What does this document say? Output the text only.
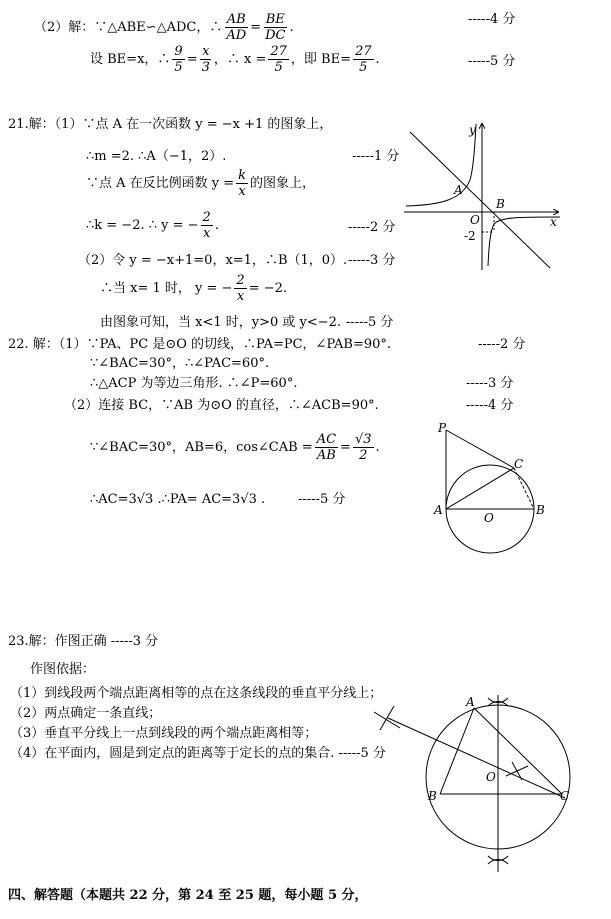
（2）解：∵△ABE∽△ADC，∴ $\frac{AB}{AD} = \frac{BE}{DC}$ .
-----4 分
设 BE=x，∴ $\frac{9}{5} = \frac{x}{3}$ ，∴ $x = \frac{27}{5}$ ，即 $BE= \frac{27}{5}$ .	-----5 分
21.解：（1）∵点 A 在一次函数 y = −x +1 的图象上，
∴m =2. ∴A（−1，2）.	-----1 分
∵点 A 在反比例函数 $y = \frac{k}{x}$ 的图象上，
∴k = −2. ∴ y = − $\frac{2}{x}$ .	-----2 分
（2）令 y = −x+1=0，x=1，∴B（1，0）. -----3 分
∴当 x= 1 时， y = − $\frac{2}{x} = -2$.
由图象可知，当 x<1 时，y>0 或 y<−2. -----5 分
y
x
A
B
O
-2
22. 解：（1）∵PA、PC 是⊙O 的切线，∴PA=PC，∠PAB=90°.	-----2 分
∵∠BAC=30°，∴∠PAC=60°.
∴△ACP 为等边三角形. ∴∠P=60°.	-----3 分
（2）连接 BC，∵AB 为⊙O 的直径，∴∠ACB=90°.	-----4 分
∵∠BAC=30°，AB=6，cos∠CAB = $\frac{AC}{AB} = \frac{√3}{2}$ .
∴AC=3√3 .∴PA= AC=3√3 .	-----5 分
P
C
A
O
B
23.解：作图正确 -----3 分
作图依据：
（1）到线段两个端点距离相等的点在这条线段的垂直平分线上；
（2）两点确定一条直线；
（3）垂直平分线上一点到线段的两个端点距离相等；
（4）在平面内，圆是到定点的距离等于定长的点的集合. -----5 分
A
O
B	C
四、解答题（本题共 22 分，第 24 至 25 题，每小题 5 分，
